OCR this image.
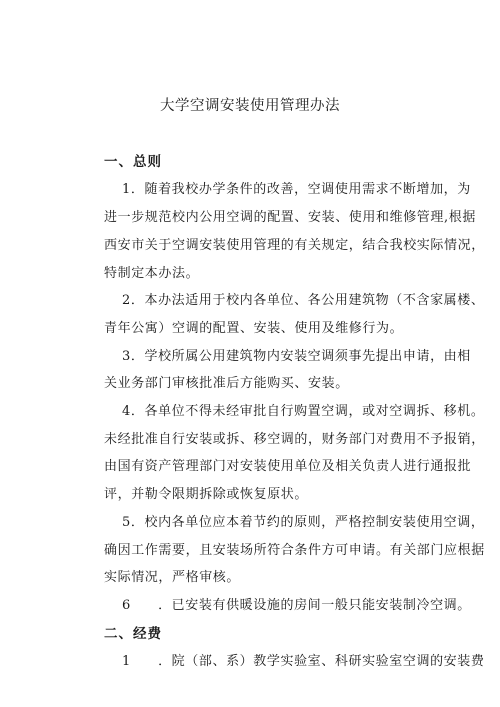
大学空调安装使用管理办法
一、总则
1．随着我校办学条件的改善，空调使用需求不断增加，为
进一步规范校内公用空调的配置、安装、使用和维修管理,根据
西安市关于空调安装使用管理的有关规定，结合我校实际情况，
特制定本办法。
2．本办法适用于校内各单位、各公用建筑物（不含家属楼、
青年公寓）空调的配置、安装、使用及维修行为。
3．学校所属公用建筑物内安装空调须事先提出申请，由相
关业务部门审核批准后方能购买、安装。
4．各单位不得未经审批自行购置空调，或对空调拆、移机。
未经批准自行安装或拆、移空调的，财务部门对费用不予报销，
由国有资产管理部门对安装使用单位及相关负责人进行通报批
评，并勒令限期拆除或恢复原状。
5．校内各单位应本着节约的原则，严格控制安装使用空调，
确因工作需要，且安装场所符合条件方可申请。有关部门应根据
实际情况，严格审核。
6　　．已安装有供暖设施的房间一般只能安装制冷空调。
二、经费
1　　．院（部、系）教学实验室、科研实验室空调的安装费
